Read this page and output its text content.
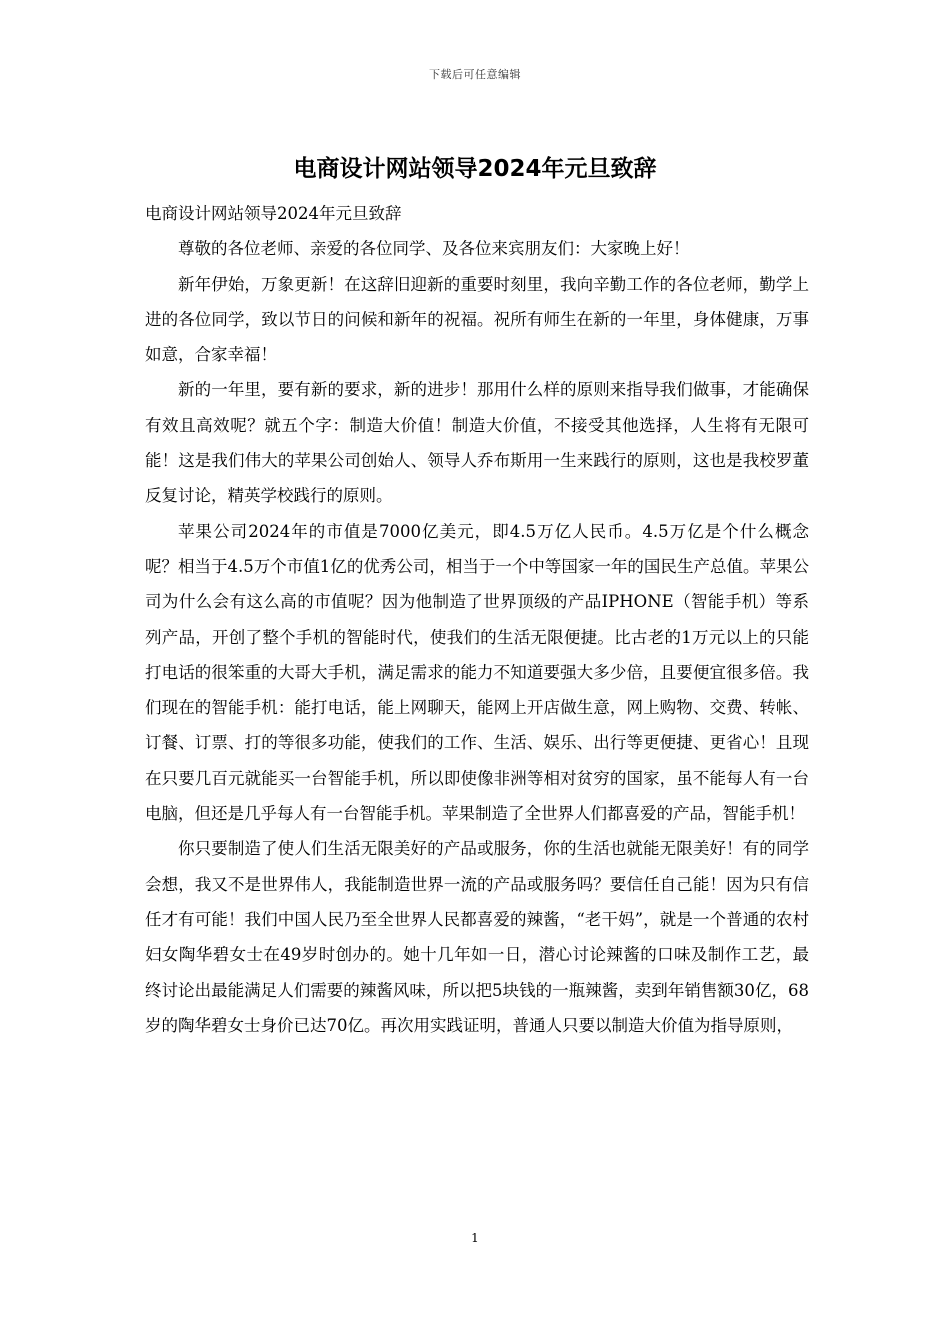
下载后可任意编辑
电商设计网站领导2024年元旦致辞

电商设计网站领导2024年元旦致辞

尊敬的各位老师、亲爱的各位同学、及各位来宾朋友们：大家晚上好！

新年伊始，万象更新！在这辞旧迎新的重要时刻里，我向辛勤工作的各位老师，勤学上进的各位同学，致以节日的问候和新年的祝福。祝所有师生在新的一年里，身体健康，万事如意，合家幸福！

新的一年里，要有新的要求，新的进步！那用什么样的原则来指导我们做事，才能确保有效且高效呢？就五个字：制造大价值！制造大价值，不接受其他选择，人生将有无限可能！这是我们伟大的苹果公司创始人、领导人乔布斯用一生来践行的原则，这也是我校罗董反复讨论，精英学校践行的原则。

苹果公司2024年的市值是7000亿美元，即4.5万亿人民币。4.5万亿是个什么概念呢？相当于4.5万个市值1亿的优秀公司，相当于一个中等国家一年的国民生产总值。苹果公司为什么会有这么高的市值呢？因为他制造了世界顶级的产品IPHONE（智能手机）等系列产品，开创了整个手机的智能时代，使我们的生活无限便捷。比古老的1万元以上的只能打电话的很笨重的大哥大手机，满足需求的能力不知道要强大多少倍，且要便宜很多倍。我们现在的智能手机：能打电话，能上网聊天，能网上开店做生意，网上购物、交费、转帐、订餐、订票、打的等很多功能，使我们的工作、生活、娱乐、出行等更便捷、更省心！且现在只要几百元就能买一台智能手机，所以即使像非洲等相对贫穷的国家，虽不能每人有一台电脑，但还是几乎每人有一台智能手机。苹果制造了全世界人们都喜爱的产品，智能手机！

你只要制造了使人们生活无限美好的产品或服务，你的生活也就能无限美好！有的同学会想，我又不是世界伟人，我能制造世界一流的产品或服务吗？要信任自己能！因为只有信任才有可能！我们中国人民乃至全世界人民都喜爱的辣酱，“老干妈”，就是一个普通的农村妇女陶华碧女士在49岁时创办的。她十几年如一日，潜心讨论辣酱的口味及制作工艺，最终讨论出最能满足人们需要的辣酱风味，所以把5块钱的一瓶辣酱，卖到年销售额30亿，68岁的陶华碧女士身价已达70亿。再次用实践证明，普通人只要以制造大价值为指导原则，

1
